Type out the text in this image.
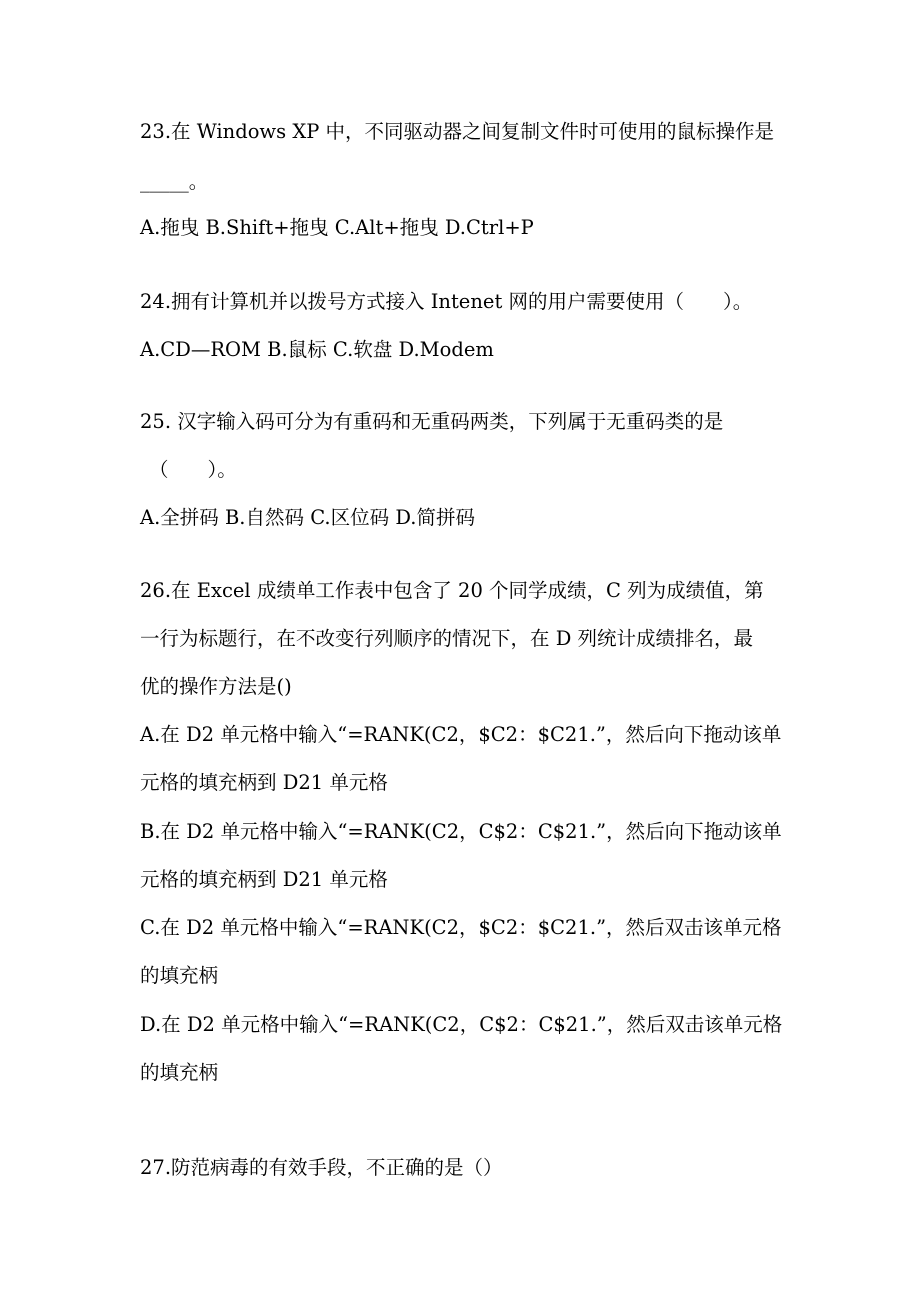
23.在 Windows XP 中，不同驱动器之间复制文件时可使用的鼠标操作是
_____。
A.拖曳 B.Shift+拖曳 C.Alt+拖曳 D.Ctrl+P
24.拥有计算机并以拨号方式接入 Intenet 网的用户需要使用（　　）。
A.CD—ROM B.鼠标 C.软盘 D.Modem
25. 汉字输入码可分为有重码和无重码两类，下列属于无重码类的是
（　　）。
A.全拼码 B.自然码 C.区位码 D.简拼码
26.在 Excel 成绩单工作表中包含了 20 个同学成绩，C 列为成绩值，第
一行为标题行，在不改变行列顺序的情况下，在 D 列统计成绩排名，最
优的操作方法是()
A.在 D2 单元格中输入“=RANK(C2，$C2：$C21.”，然后向下拖动该单
元格的填充柄到 D21 单元格
B.在 D2 单元格中输入“=RANK(C2，C$2：C$21.”，然后向下拖动该单
元格的填充柄到 D21 单元格
C.在 D2 单元格中输入“=RANK(C2，$C2：$C21.”，然后双击该单元格
的填充柄
D.在 D2 单元格中输入“=RANK(C2，C$2：C$21.”，然后双击该单元格
的填充柄
27.防范病毒的有效手段，不正确的是（）
